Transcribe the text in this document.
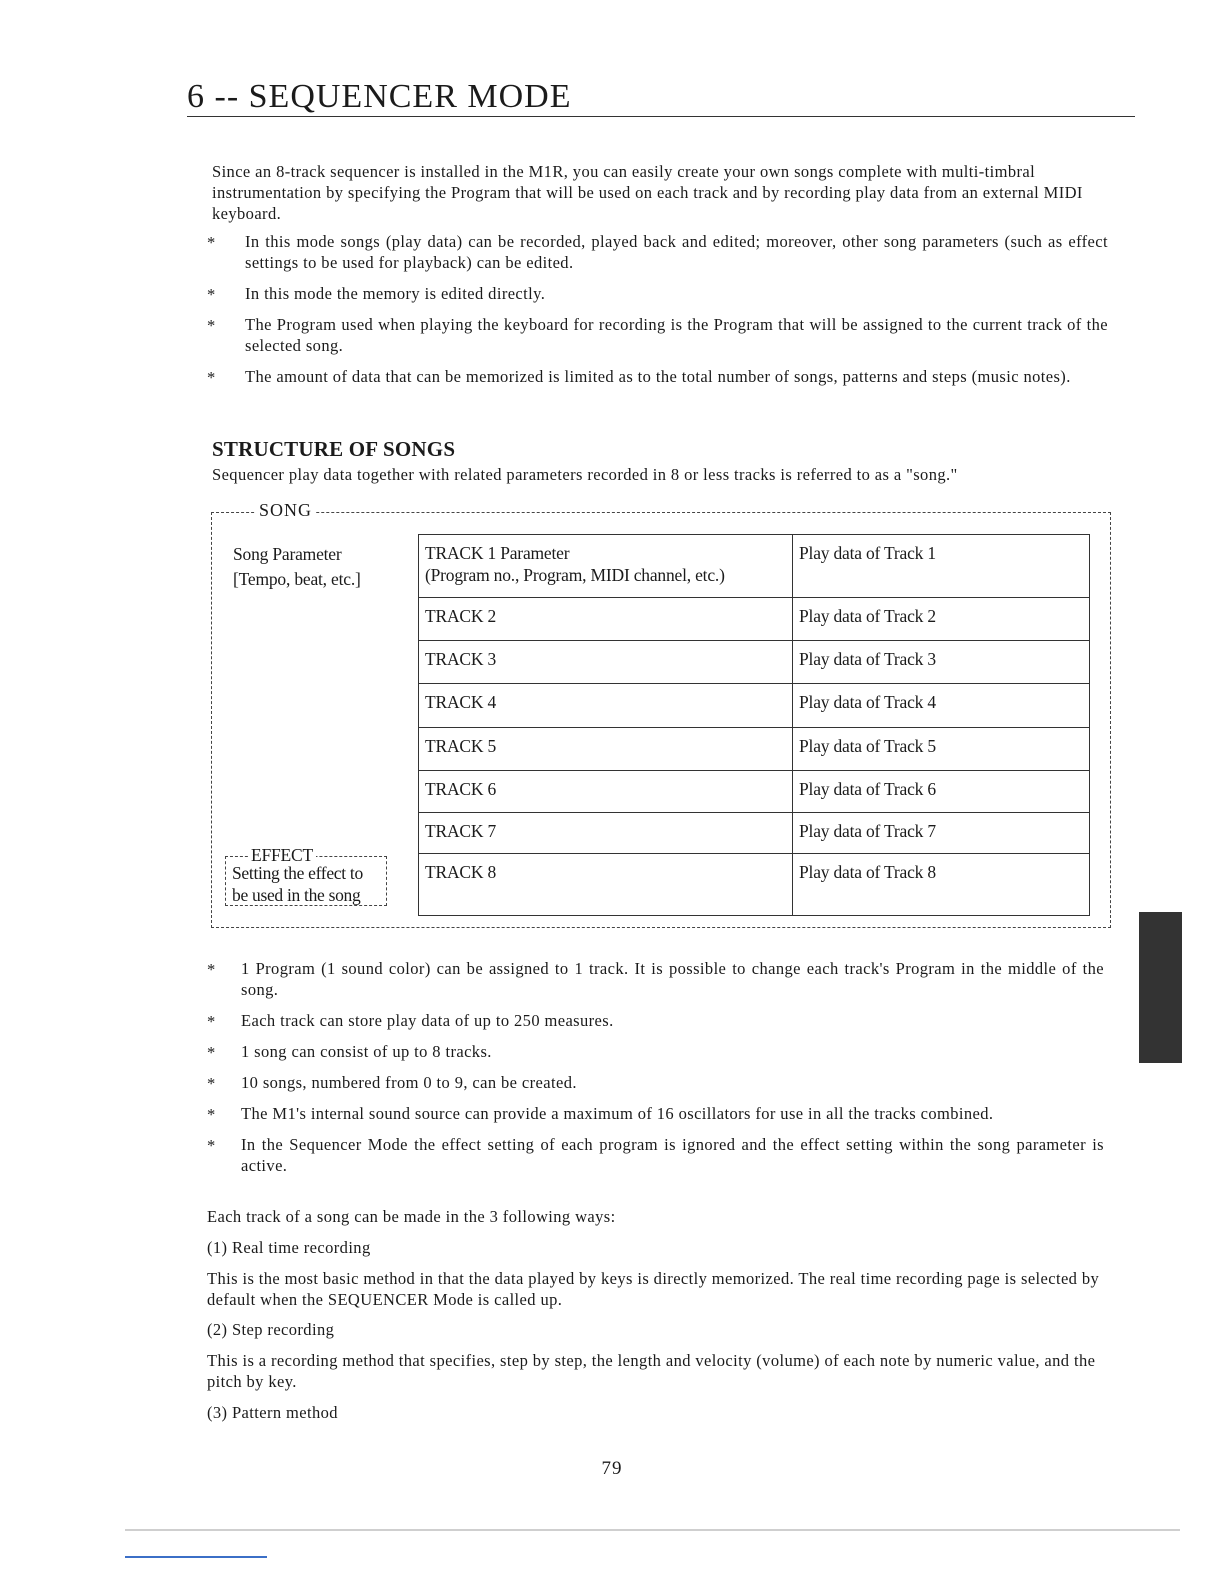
6 -- SEQUENCER MODE

Since an 8-track sequencer is installed in the M1R, you can easily create your own songs complete with multi-timbral instrumentation by specifying the Program that will be used on each track and by recording play data from an external MIDI keyboard.

* In this mode songs (play data) can be recorded, played back and edited; moreover, other song parameters (such as effect settings to be used for playback) can be edited.
* In this mode the memory is edited directly.
* The Program used when playing the keyboard for recording is the Program that will be assigned to the current track of the selected song.
* The amount of data that can be memorized is limited as to the total number of songs, patterns and steps (music notes).
STRUCTURE OF SONGS

Sequencer play data together with related parameters recorded in 8 or less tracks is referred to as a "song."

SONG
Song Parameter
[Tempo, beat, etc.]
EFFECT
Setting the effect to
be used in the song
TRACK 1 Parameter
(Program no., Program, MIDI channel, etc.)	Play data of Track 1
TRACK 2	Play data of Track 2
TRACK 3	Play data of Track 3
TRACK 4	Play data of Track 4
TRACK 5	Play data of Track 5
TRACK 6	Play data of Track 6
TRACK 7	Play data of Track 7
TRACK 8	Play data of Track 8
* 1 Program (1 sound color) can be assigned to 1 track. It is possible to change each track's Program in the middle of the song.
* Each track can store play data of up to 250 measures.
* 1 song can consist of up to 8 tracks.
* 10 songs, numbered from 0 to 9, can be created.
* The M1's internal sound source can provide a maximum of 16 oscillators for use in all the tracks combined.
* In the Sequencer Mode the effect setting of each program is ignored and the effect setting within the song parameter is active.

Each track of a song can be made in the 3 following ways:

(1) Real time recording

This is the most basic method in that the data played by keys is directly memorized. The real time recording page is selected by default when the SEQUENCER Mode is called up.

(2) Step recording

This is a recording method that specifies, step by step, the length and velocity (volume) of each note by numeric value, and the pitch by key.

(3) Pattern method

79
